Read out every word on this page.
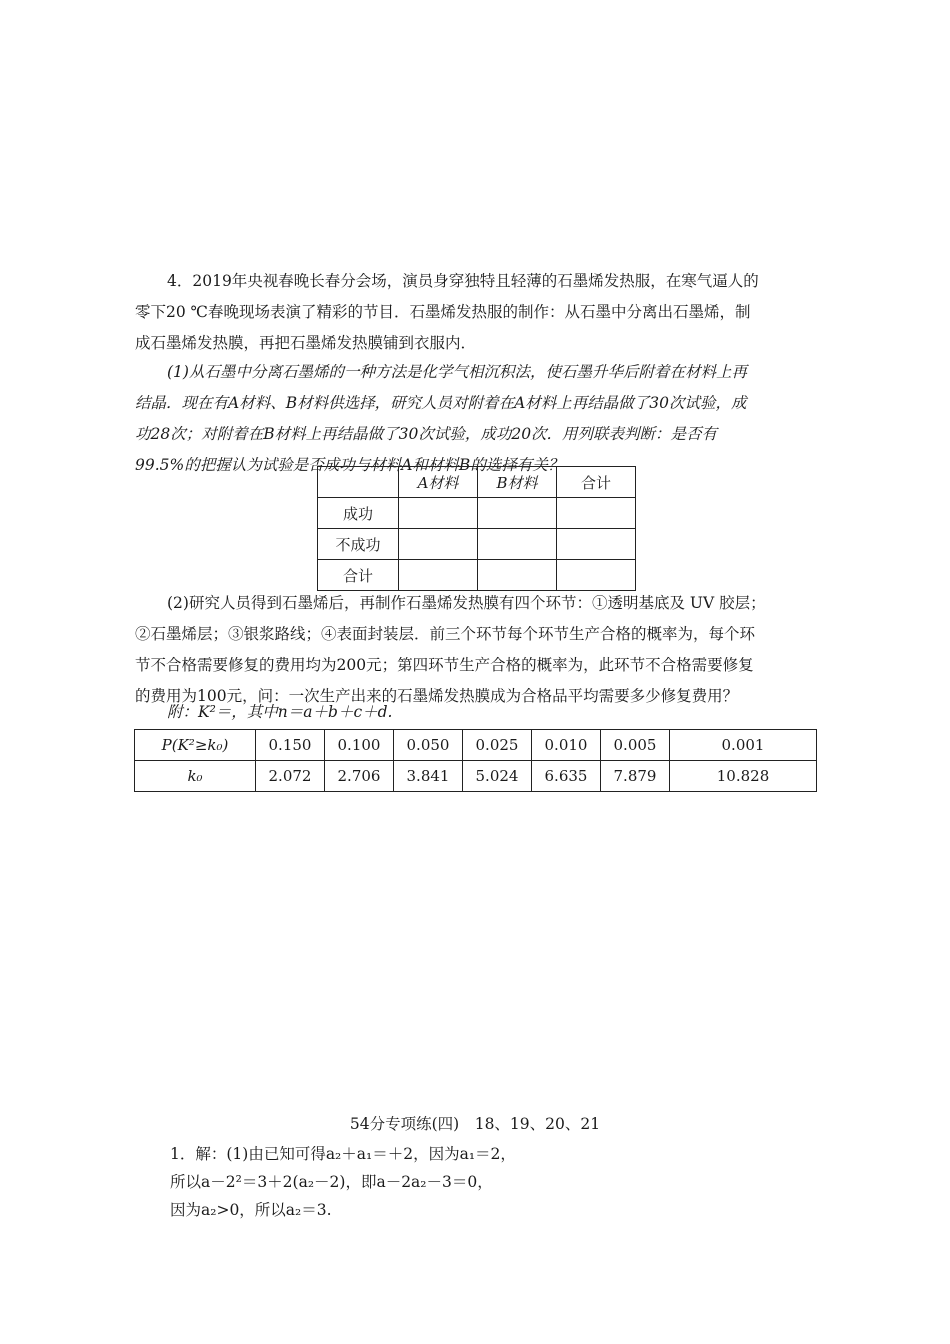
4．2019年央视春晚长春分会场，演员身穿独特且轻薄的石墨烯发热服，在寒气逼人的
零下20 ℃春晚现场表演了精彩的节目．石墨烯发热服的制作：从石墨中分离出石墨烯，制
成石墨烯发热膜，再把石墨烯发热膜铺到衣服内．
(1)从石墨中分离石墨烯的一种方法是化学气相沉积法，使石墨升华后附着在材料上再
结晶．现在有A材料、B材料供选择，研究人员对附着在A材料上再结晶做了30次试验，成
功28次；对附着在B材料上再结晶做了30次试验，成功20次．用列联表判断：是否有
99.5%的把握认为试验是否成功与材料A和材料B的选择有关？
	A材料	B材料	合计
成功			
不成功			
合计			
(2)研究人员得到石墨烯后，再制作石墨烯发热膜有四个环节：①透明基底及 UV 胶层；
②石墨烯层；③银浆路线；④表面封装层．前三个环节每个环节生产合格的概率为，每个环
节不合格需要修复的费用均为200元；第四环节生产合格的概率为，此环节不合格需要修复
的费用为100元，问：一次生产出来的石墨烯发热膜成为合格品平均需要多少修复费用？
附：K²＝，其中n＝a＋b＋c＋d.
P(K²≥k₀)	0.150	0.100	0.050	0.025	0.010	0.005	0.001
k₀	2.072	2.706	3.841	5.024	6.635	7.879	10.828

54分专项练(四)　18、19、20、21

1．解：(1)由已知可得a₂＋a₁＝＋2，因为a₁＝2，

所以a－2²＝3＋2(a₂－2)，即a－2a₂－3＝0，

因为a₂>0，所以a₂＝3.
